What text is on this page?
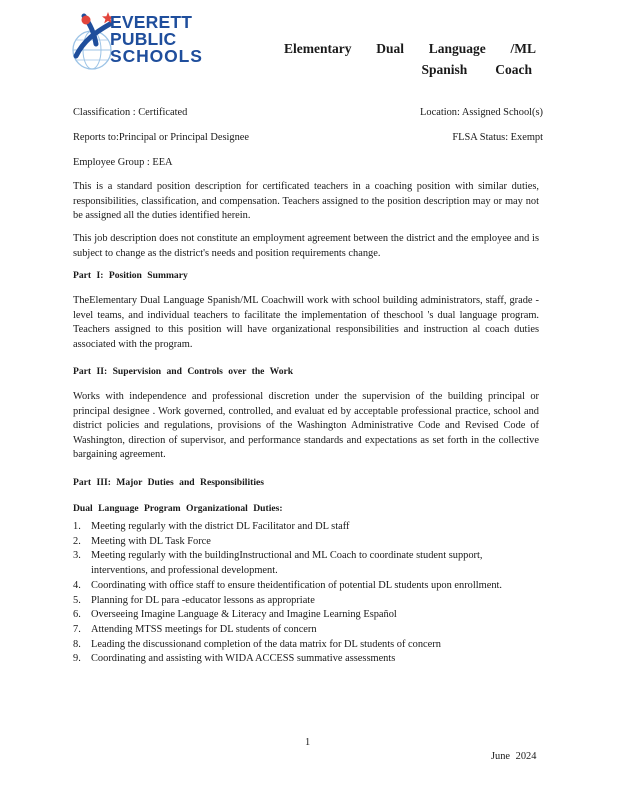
EVERETT
PUBLIC
SCHOOLS	Elementary Dual Language /ML
Spanish Coach
Classification : Certificated	Location: Assigned School(s)
Reports to:Principal or Principal Designee	FLSA Status: Exempt
Employee Group : EEA
This is a standard position description for certificated teachers in a coaching position with similar duties, responsibilities, classification, and compensation. Teachers assigned to the position description may or may not be assigned all the duties identified herein.
This job description does not constitute an employment agreement between the district and the employee and is subject to change as the district's needs and position requirements change.
Part I: Position Summary
TheElementary Dual Language Spanish/ML Coachwill work with school building administrators, staff, grade -level teams, and individual teachers to facilitate the implementation of theschool 's dual language program. Teachers assigned to this position will have organizational responsibilities and instruction al coach duties associated with the program.
Part II: Supervision and Controls over the Work
Works with independence and professional discretion under the supervision of the building principal or principal designee . Work governed, controlled, and evaluat ed by acceptable professional practice, school and district policies and regulations, provisions of the Washington Administrative Code and Revised Code of Washington, direction of supervisor, and performance standards and expectations as set forth in the collective bargaining agreement.
Part III: Major Duties and Responsibilities
Dual Language Program Organizational Duties:
1. Meeting regularly with the district DL Facilitator and DL staff
2. Meeting with DL Task Force
3. Meeting regularly with the buildingInstructional and ML Coach to coordinate student support, interventions, and professional development.
4. Coordinating with office staff to ensure theidentification of potential DL students upon enrollment.
5. Planning for DL para -educator lessons as appropriate
6. Overseeing Imagine Language & Literacy and Imagine Learning Español
7. Attending MTSS meetings for DL students of concern
8. Leading the discussionand completion of the data matrix for DL students of concern
9. Coordinating and assisting with WIDA ACCESS summative assessments
1
June 2024
